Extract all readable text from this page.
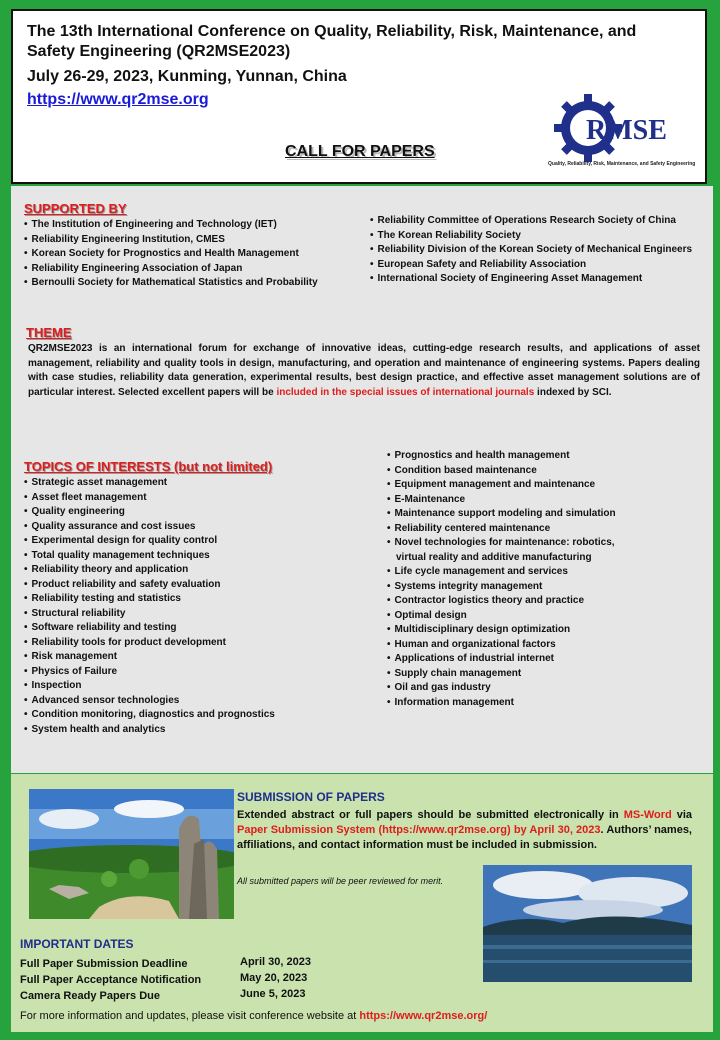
The 13th International Conference on Quality, Reliability, Risk, Maintenance, and Safety Engineering (QR2MSE2023)
July 26-29, 2023, Kunming, Yunnan, China
https://www.qr2mse.org
CALL FOR PAPERS
RMSE
Quality, Reliability, Risk, Maintenance, and Safety Engineering
SUPPORTED BY
• The Institution of Engineering and Technology (IET)
• Reliability Engineering Institution, CMES
• Korean Society for Prognostics and Health Management
• Reliability Engineering Association of Japan
• Bernoulli Society for Mathematical Statistics and Probability
• Reliability Committee of Operations Research Society of China
• The Korean Reliability Society
• Reliability Division of the Korean Society of Mechanical Engineers
• European Safety and Reliability Association
• International Society of Engineering Asset Management
THEME
QR2MSE2023 is an international forum for exchange of innovative ideas, cutting-edge research results, and applications of asset management, reliability and quality tools in design, manufacturing, and operation and maintenance of engineering systems. Papers dealing with case studies, reliability data generation, experimental results, best design practice, and effective asset management solutions are of particular interest. Selected excellent papers will be included in the special issues of international journals indexed by SCI.
TOPICS OF INTERESTS (but not limited)
• Strategic asset management
• Asset fleet management
• Quality engineering
• Quality assurance and cost issues
• Experimental design for quality control
• Total quality management techniques
• Reliability theory and application
• Product reliability and safety evaluation
• Reliability testing and statistics
• Structural reliability
• Software reliability and testing
• Reliability tools for product development
• Risk management
• Physics of Failure
• Inspection
• Advanced sensor technologies
• Condition monitoring, diagnostics and prognostics
• System health and analytics
• Prognostics and health management
• Condition based maintenance
• Equipment management and maintenance
• E-Maintenance
• Maintenance support modeling and simulation
• Reliability centered maintenance
• Novel technologies for maintenance: robotics,
virtual reality and additive manufacturing
• Life cycle management and services
• Systems integrity management
• Contractor logistics theory and practice
• Optimal design
• Multidisciplinary design optimization
• Human and organizational factors
• Applications of industrial internet
• Supply chain management
• Oil and gas industry
• Information management
SUBMISSION OF PAPERS
Extended abstract or full papers should be submitted electronically in MS-Word via Paper Submission System (https://www.qr2mse.org) by April 30, 2023. Authors’ names, affiliations, and contact information must be included in submission.
All submitted papers will be peer reviewed for merit.
IMPORTANT DATES
Full Paper Submission Deadline
Full Paper Acceptance Notification
Camera Ready Papers Due
April 30, 2023
May 20, 2023
June 5, 2023
For more information and updates, please visit conference website at https://www.qr2mse.org/
